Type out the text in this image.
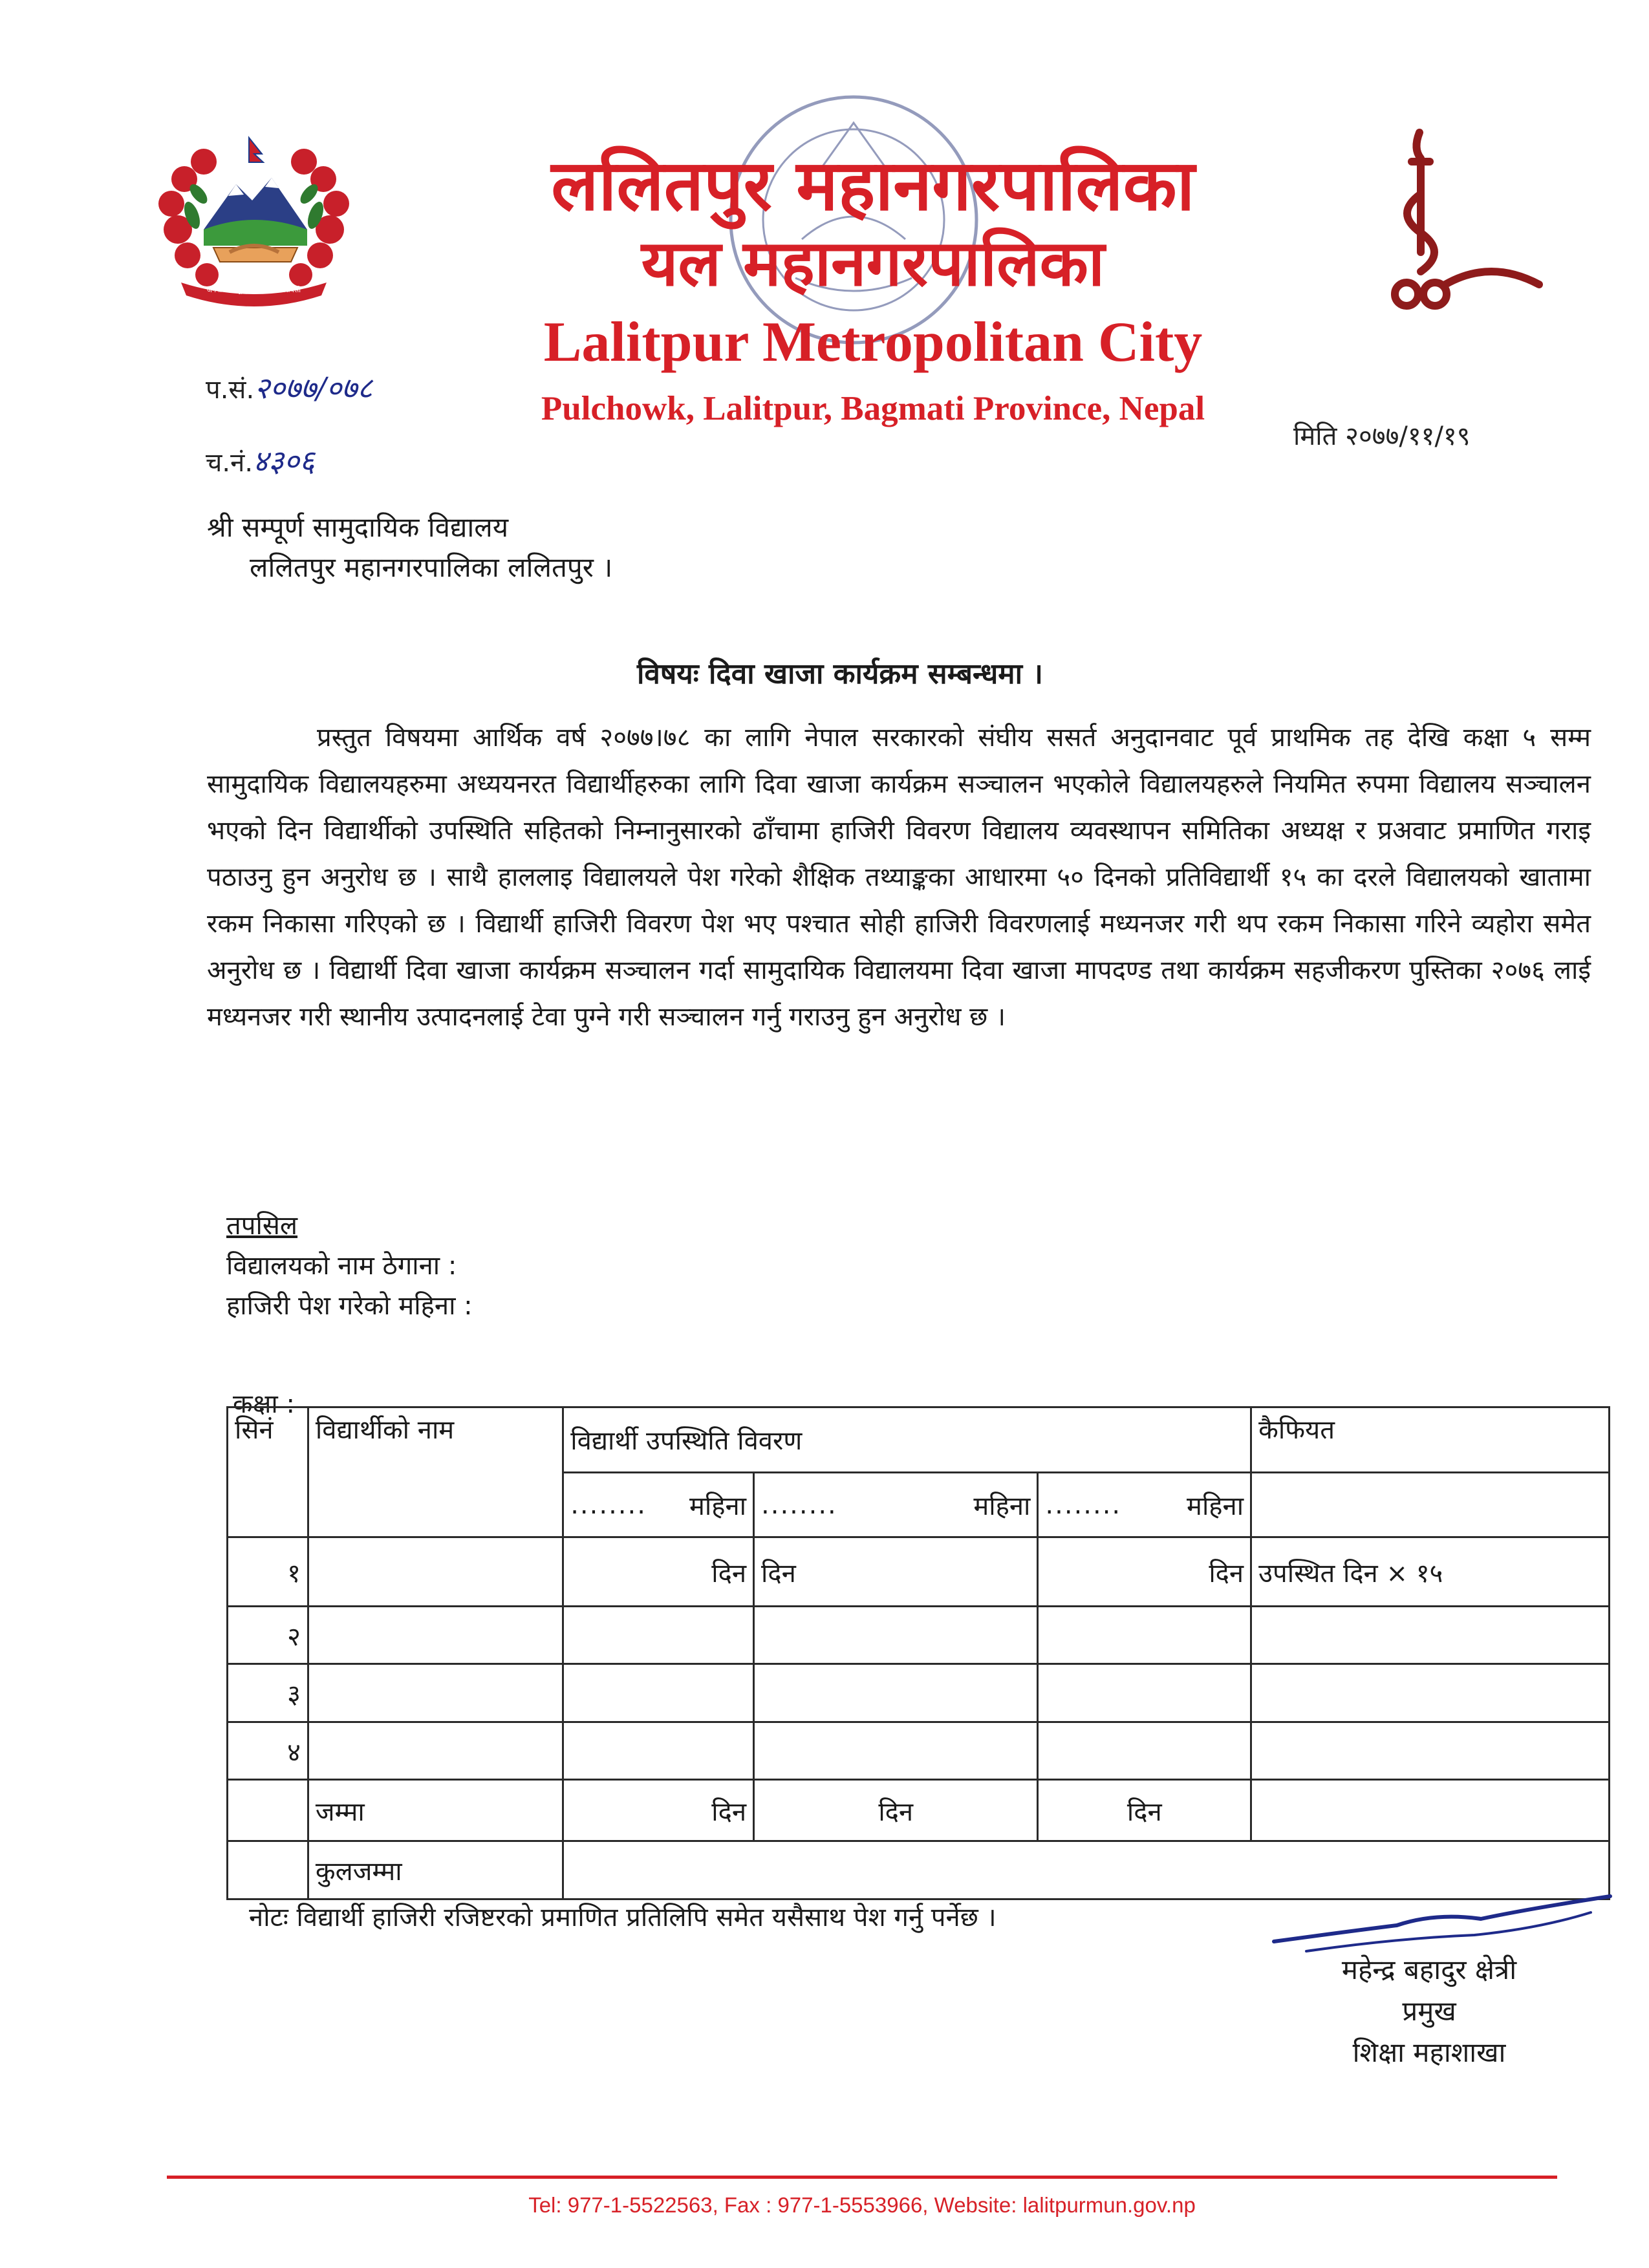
जननी जन्मभूमिश्च स्वर्गादपि गरीयसी
ललितपुर महानगरपालिका
यल महानगरपालिका
Lalitpur Metropolitan City
Pulchowk, Lalitpur, Bagmati Province, Nepal
प.सं.२०७७/०७८
च.नं.४३०६
मिति २०७७/११/१९
श्री सम्पूर्ण सामुदायिक विद्यालय
ललितपुर महानगरपालिका ललितपुर ।
विषयः दिवा खाजा कार्यक्रम सम्बन्धमा ।
प्रस्तुत विषयमा आर्थिक वर्ष २०७७।७८ का लागि नेपाल सरकारको संघीय ससर्त अनुदानवाट पूर्व प्राथमिक तह देखि कक्षा ५ सम्म सामुदायिक विद्यालयहरुमा अध्ययनरत विद्यार्थीहरुका लागि दिवा खाजा कार्यक्रम सञ्चालन भएकोले विद्यालयहरुले नियमित रुपमा विद्यालय सञ्चालन भएको दिन विद्यार्थीको उपस्थिति सहितको निम्नानुसारको ढाँचामा हाजिरी विवरण विद्यालय व्यवस्थापन समितिका अध्यक्ष र प्रअवाट प्रमाणित गराइ पठाउनु हुन अनुरोध छ । साथै हाललाइ विद्यालयले पेश गरेको शैक्षिक तथ्याङ्कका आधारमा ५० दिनको प्रतिविद्यार्थी १५ का दरले विद्यालयको खातामा रकम निकासा गरिएको छ । विद्यार्थी हाजिरी विवरण पेश भए पश्चात सोही हाजिरी विवरणलाई मध्यनजर गरी थप रकम निकासा गरिने व्यहोरा समेत अनुरोध छ । विद्यार्थी दिवा खाजा कार्यक्रम सञ्चालन गर्दा सामुदायिक विद्यालयमा दिवा खाजा मापदण्ड तथा कार्यक्रम सहजीकरण पुस्तिका २०७६ लाई मध्यनजर गरी स्थानीय उत्पादनलाई टेवा पुग्ने गरी सञ्चालन गर्नु गराउनु हुन अनुरोध छ ।
तपसिल
विद्यालयको नाम ठेगाना :
हाजिरी पेश गरेको महिना :
कक्षा :
सिनं	विद्यार्थीको नाम	विद्यार्थी उपस्थिति विवरण			कैफियत

		........ महिना	........ महिना	........ महिना	

१		दिन	दिन	दिन	उपस्थित दिन × १५
२					
३					
४					
	जम्मा	दिन	दिन	दिन	
	कुलजम्मा				
नोटः विद्यार्थी हाजिरी रजिष्टरको प्रमाणित प्रतिलिपि समेत यसैसाथ पेश गर्नु पर्नेछ ।
महेन्द्र बहादुर क्षेत्री
प्रमुख
शिक्षा महाशाखा
Tel: 977-1-5522563, Fax : 977-1-5553966, Website: lalitpurmun.gov.np
